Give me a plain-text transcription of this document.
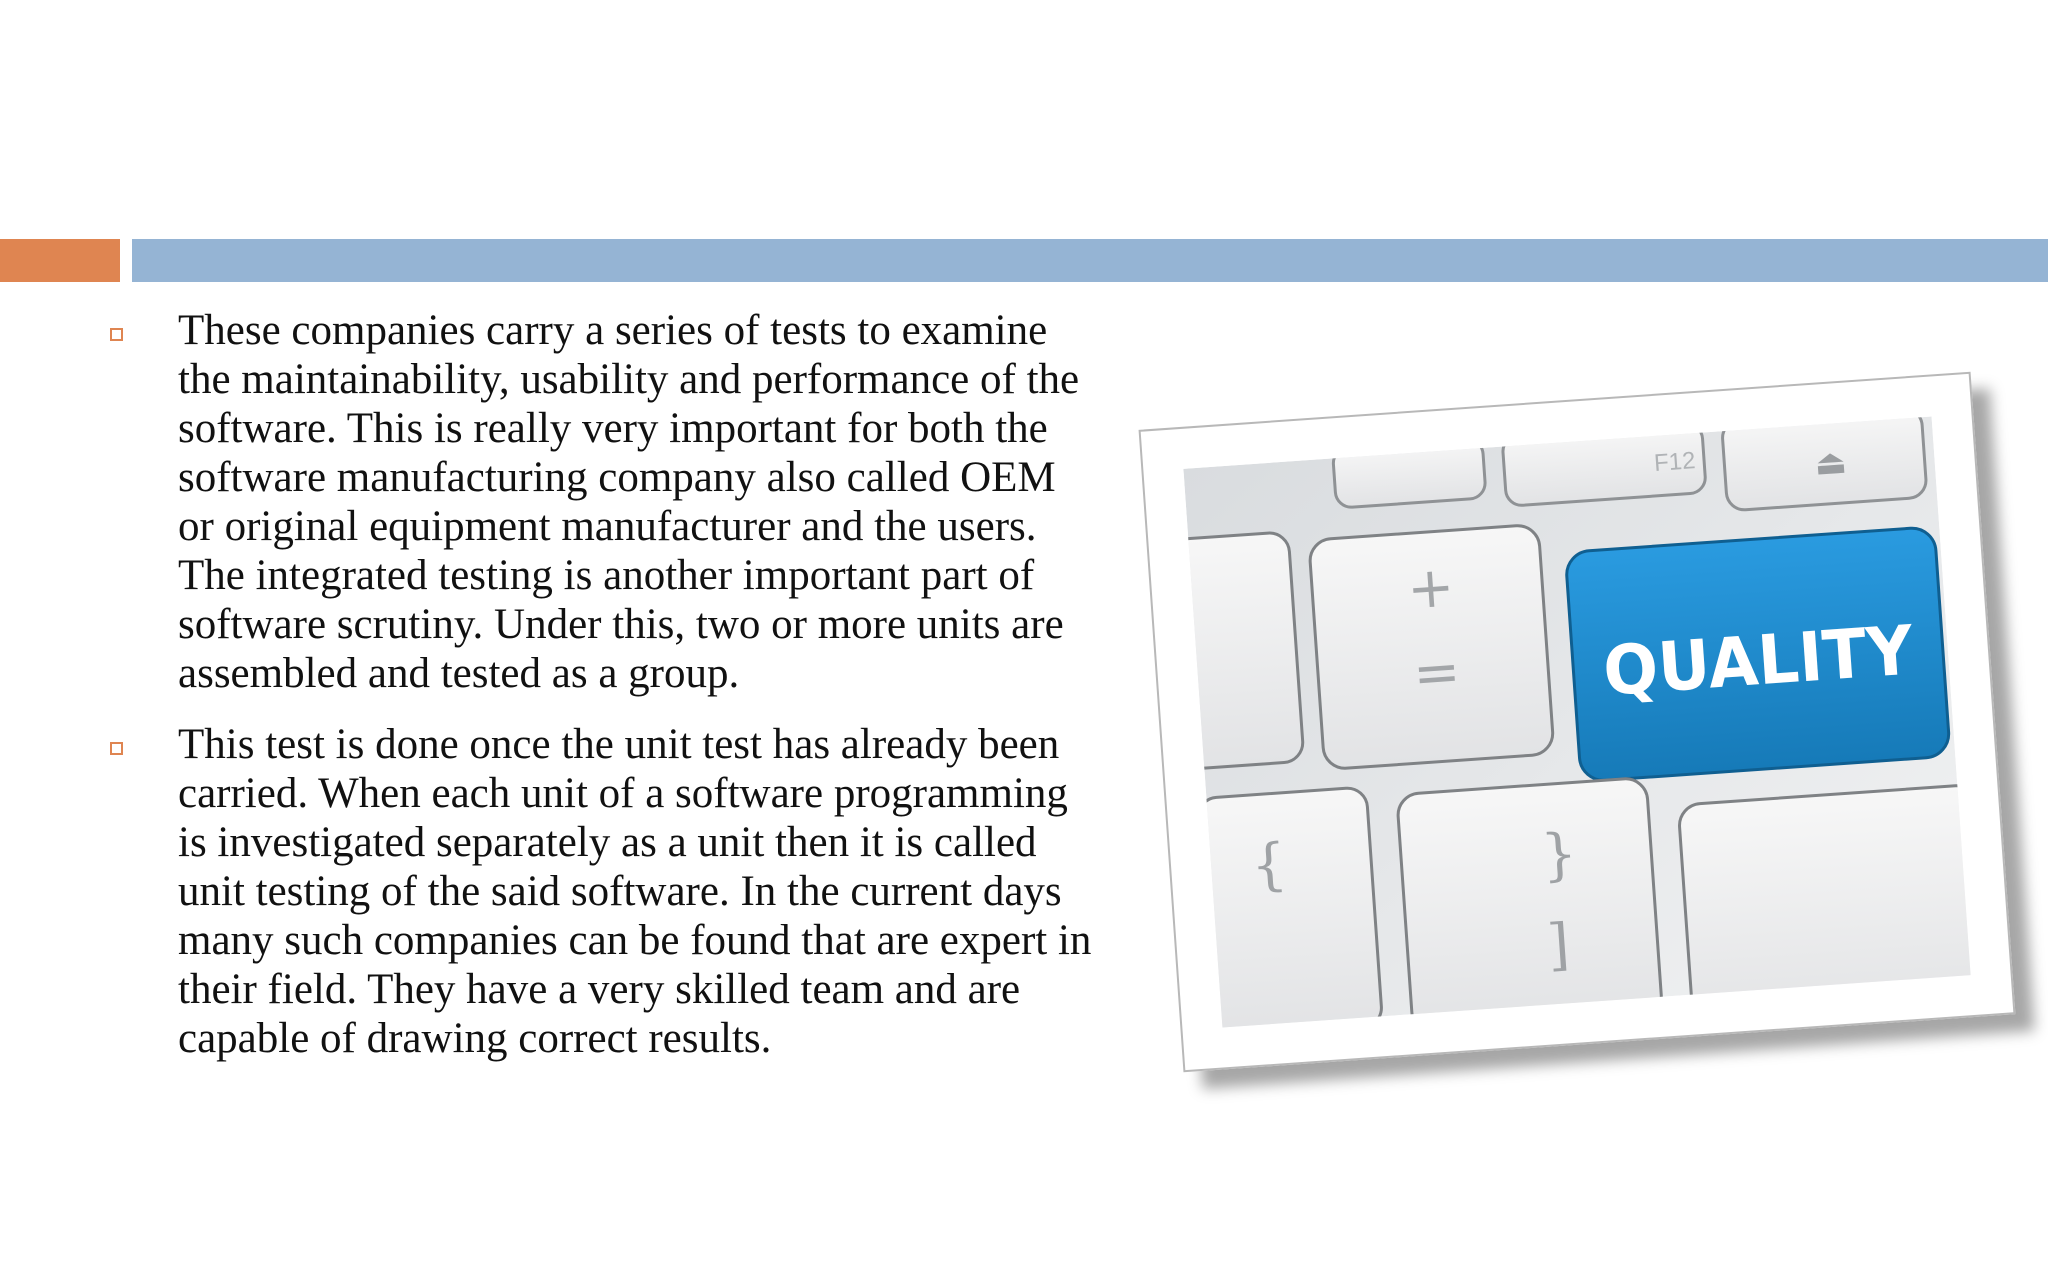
These companies carry a series of tests to examine the maintainability, usability and performance of the software. This is really very important for both the software manufacturing company also called OEM or original equipment manufacturer and the users. The integrated testing is another important part of software scrutiny. Under this, two or more units are assembled and tested as a group.
This test is done once the unit test has already been carried. When each unit of a software programming is investigated separately as a unit then it is called unit testing of the said software. In the current days many such companies can be found that are expert in their field. They have a very skilled team and are capable of drawing correct results.
F12	⏏
+
= QUALITY
{	}
]
